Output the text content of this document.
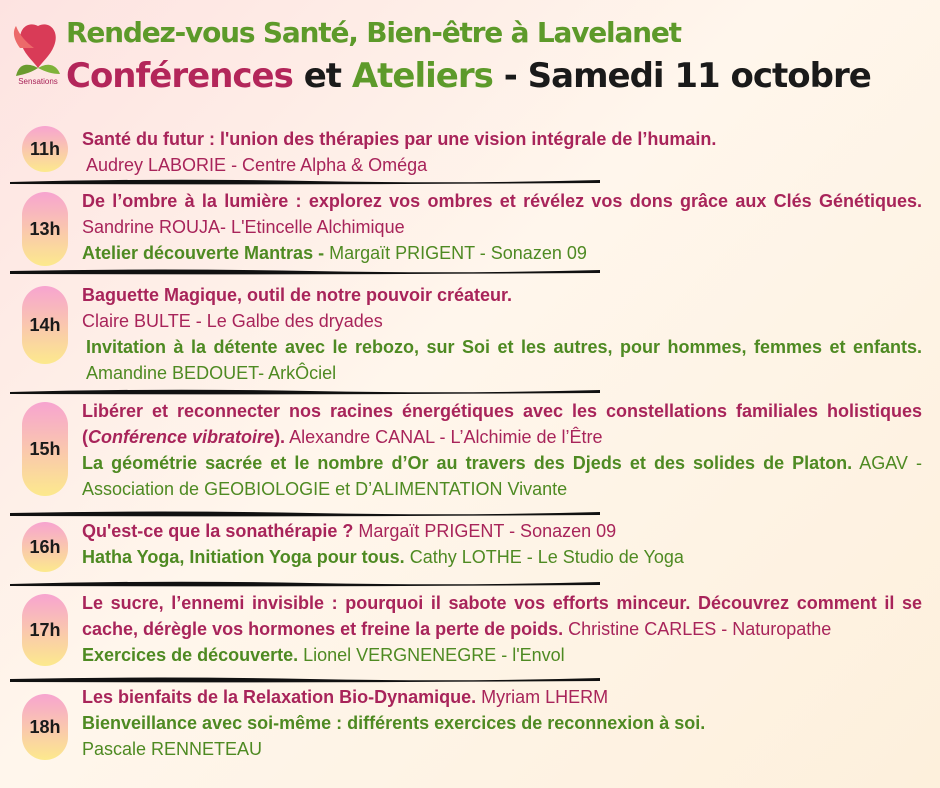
Sensations
Rendez-vous Santé, Bien-être à Lavelanet
Conférences et Ateliers - Samedi 11 octobre
11h	Santé du futur : l'union des thérapies par une vision intégrale de l’humain.
Audrey LABORIE - Centre Alpha & Oméga
13h
De l’ombre à la lumière : explorez vos ombres et révélez vos dons grâce aux Clés Génétiques. Sandrine ROUJA- L'Etincelle Alchimique
Atelier découverte Mantras - Margaït PRIGENT - Sonazen 09
14h
Baguette Magique, outil de notre pouvoir créateur.
Claire BULTE - Le Galbe des dryades
Invitation à la détente avec le rebozo, sur Soi et les autres, pour hommes, femmes et enfants. Amandine BEDOUET- ArkÔciel
15h
Libérer et reconnecter nos racines énergétiques avec les constellations familiales holistiques (Conférence vibratoire). Alexandre CANAL - L’Alchimie de l’Être
La géométrie sacrée et le nombre d’Or au travers des Djeds et des solides de Platon. AGAV - Association de GEOBIOLOGIE et D’ALIMENTATION Vivante
16h
Qu'est-ce que la sonathérapie ? Margaït PRIGENT - Sonazen 09
Hatha Yoga, Initiation Yoga pour tous. Cathy LOTHE - Le Studio de Yoga
17h
Le sucre, l’ennemi invisible : pourquoi il sabote vos efforts minceur. Découvrez comment il se cache, dérègle vos hormones et freine la perte de poids. Christine CARLES - Naturopathe
Exercices de découverte. Lionel VERGNENEGRE - l'Envol
18h
Les bienfaits de la Relaxation Bio-Dynamique. Myriam LHERM
Bienveillance avec soi-même : différents exercices de reconnexion à soi.
Pascale RENNETEAU
